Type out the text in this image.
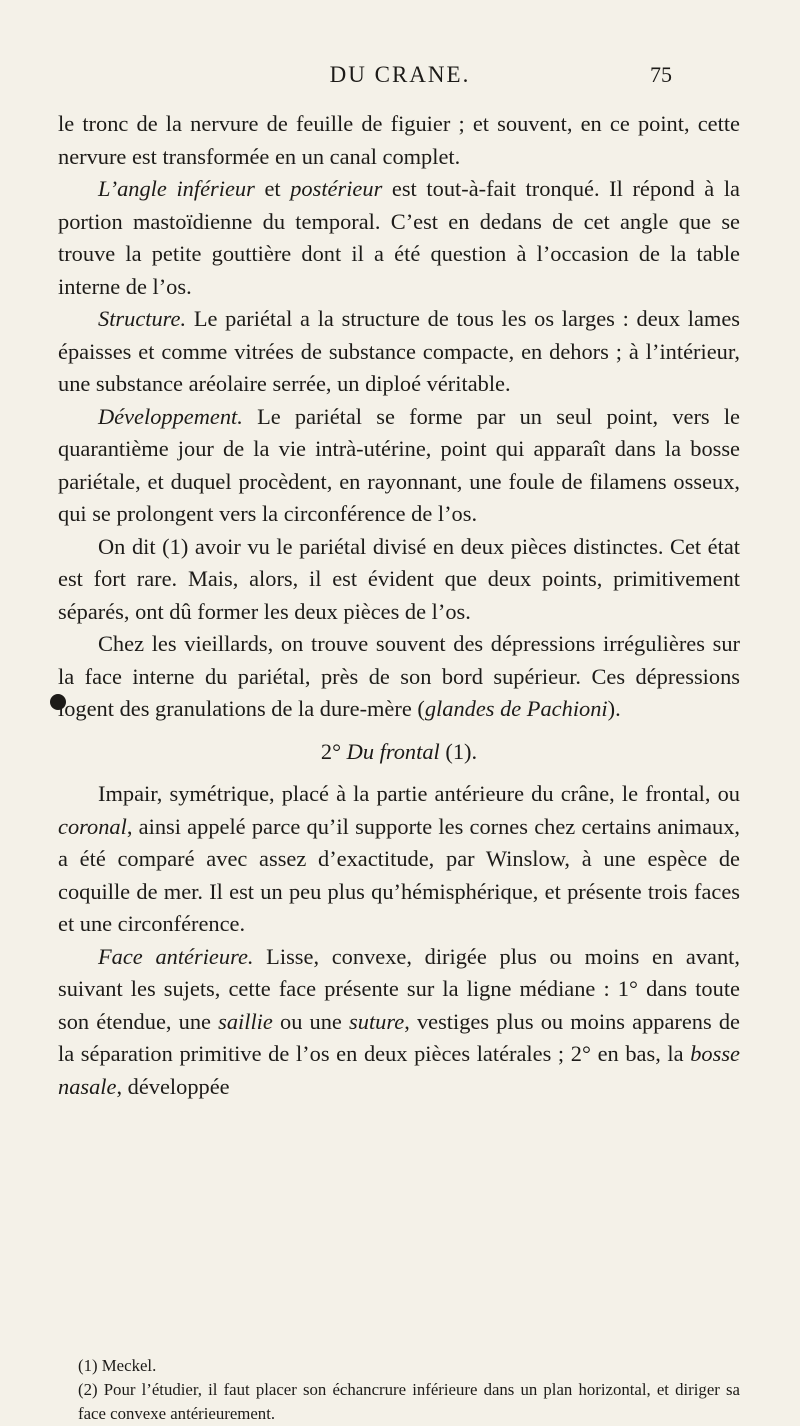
DU CRANE.	75

le tronc de la nervure de feuille de figuier ; et souvent, en ce point, cette nervure est transformée en un canal complet.

L’angle inférieur et postérieur est tout-à-fait tronqué. Il répond à la portion mastoïdienne du temporal. C’est en dedans de cet angle que se trouve la petite gouttière dont il a été question à l’occasion de la table interne de l’os.

Structure. Le pariétal a la structure de tous les os larges : deux lames épaisses et comme vitrées de substance compacte, en dehors ; à l’intérieur, une substance aréolaire serrée, un diploé véritable.

Développement. Le pariétal se forme par un seul point, vers le quarantième jour de la vie intrà-utérine, point qui apparaît dans la bosse pariétale, et duquel procèdent, en rayonnant, une foule de filamens osseux, qui se prolongent vers la circonférence de l’os.

On dit (1) avoir vu le pariétal divisé en deux pièces distinctes. Cet état est fort rare. Mais, alors, il est évident que deux points, primitivement séparés, ont dû former les deux pièces de l’os.

Chez les vieillards, on trouve souvent des dépressions irrégulières sur la face interne du pariétal, près de son bord supérieur. Ces dépressions logent des granulations de la dure-mère (glandes de Pachioni).

2° Du frontal (1).

Impair, symétrique, placé à la partie antérieure du crâne, le frontal, ou coronal, ainsi appelé parce qu’il supporte les cornes chez certains animaux, a été comparé avec assez d’exactitude, par Winslow, à une espèce de coquille de mer. Il est un peu plus qu’hémisphérique, et présente trois faces et une circonférence.

Face antérieure. Lisse, convexe, dirigée plus ou moins en avant, suivant les sujets, cette face présente sur la ligne médiane : 1° dans toute son étendue, une saillie ou une suture, vestiges plus ou moins apparens de la séparation primitive de l’os en deux pièces latérales ; 2° en bas, la bosse nasale, développée

(1) Meckel.

(2) Pour l’étudier, il faut placer son échancrure inférieure dans un plan horizontal, et diriger sa face convexe antérieurement.
